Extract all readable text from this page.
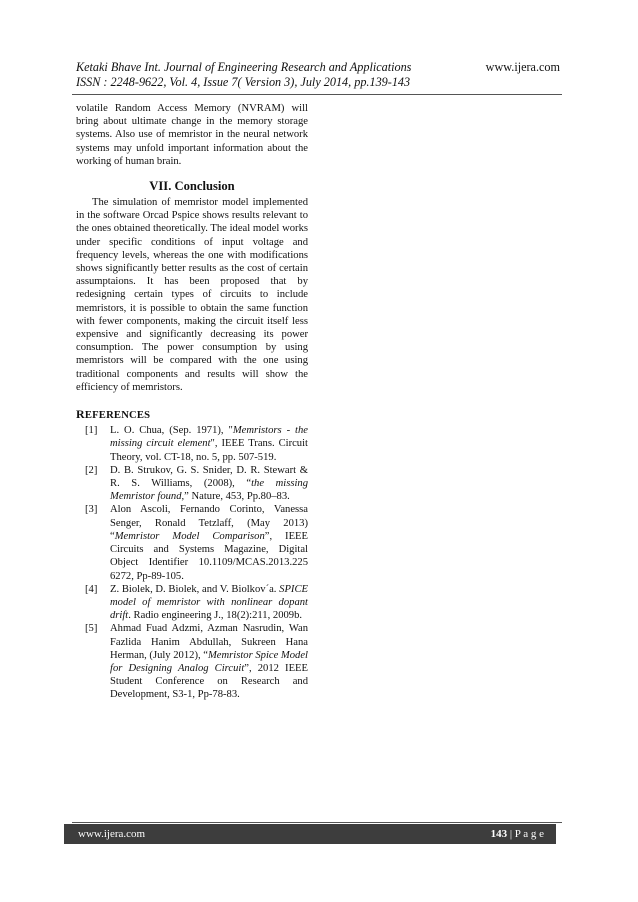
Ketaki Bhave Int. Journal of Engineering Research and Applications
ISSN : 2248-9622, Vol. 4, Issue 7( Version 3), July 2014, pp.139-143
www.ijera.com

volatile Random Access Memory (NVRAM) will bring about ultimate change in the memory storage systems. Also use of memristor in the neural network systems may unfold important information about the working of human brain.

VII. Conclusion

The simulation of memristor model implemented in the software Orcad Pspice shows results relevant to the ones obtained theoretically. The ideal model works under specific conditions of input voltage and frequency levels, whereas the one with modifications shows significantly better results as the cost of certain assumptaions. It has been proposed that by redesigning certain types of circuits to include memristors, it is possible to obtain the same function with fewer components, making the circuit itself less expensive and significantly decreasing its power consumption. The power consumption by using memristors will be compared with the one using traditional components and results will show the efficiency of memristors.

REFERENCES
[1]	L. O. Chua, (Sep. 1971), "Memristors - the missing circuit element", IEEE Trans. Circuit Theory, vol. CT-18, no. 5, pp. 507-519.
[2]	D. B. Strukov, G. S. Snider, D. R. Stewart & R. S. Williams, (2008), “the missing Memristor found,” Nature, 453, Pp.80–83.
[3]	Alon Ascoli, Fernando Corinto, Vanessa Senger, Ronald Tetzlaff, (May 2013) “Memristor Model Comparison”, IEEE Circuits and Systems Magazine, Digital Object Identifier 10.1109/MCAS.2013.225 6272, Pp-89-105.
[4]	Z. Biolek, D. Biolek, and V. Biolkov´a. SPICE model of memristor with nonlinear dopant drift. Radio engineering J., 18(2):211, 2009b.
[5]	Ahmad Fuad Adzmi, Azman Nasrudin, Wan Fazlida Hanim Abdullah, Sukreen Hana Herman, (July 2012), “Memristor Spice Model for Designing Analog Circuit”, 2012 IEEE Student Conference on Research and Development, S3-1, Pp-78-83.
www.ijera.com	143 | P a g e
